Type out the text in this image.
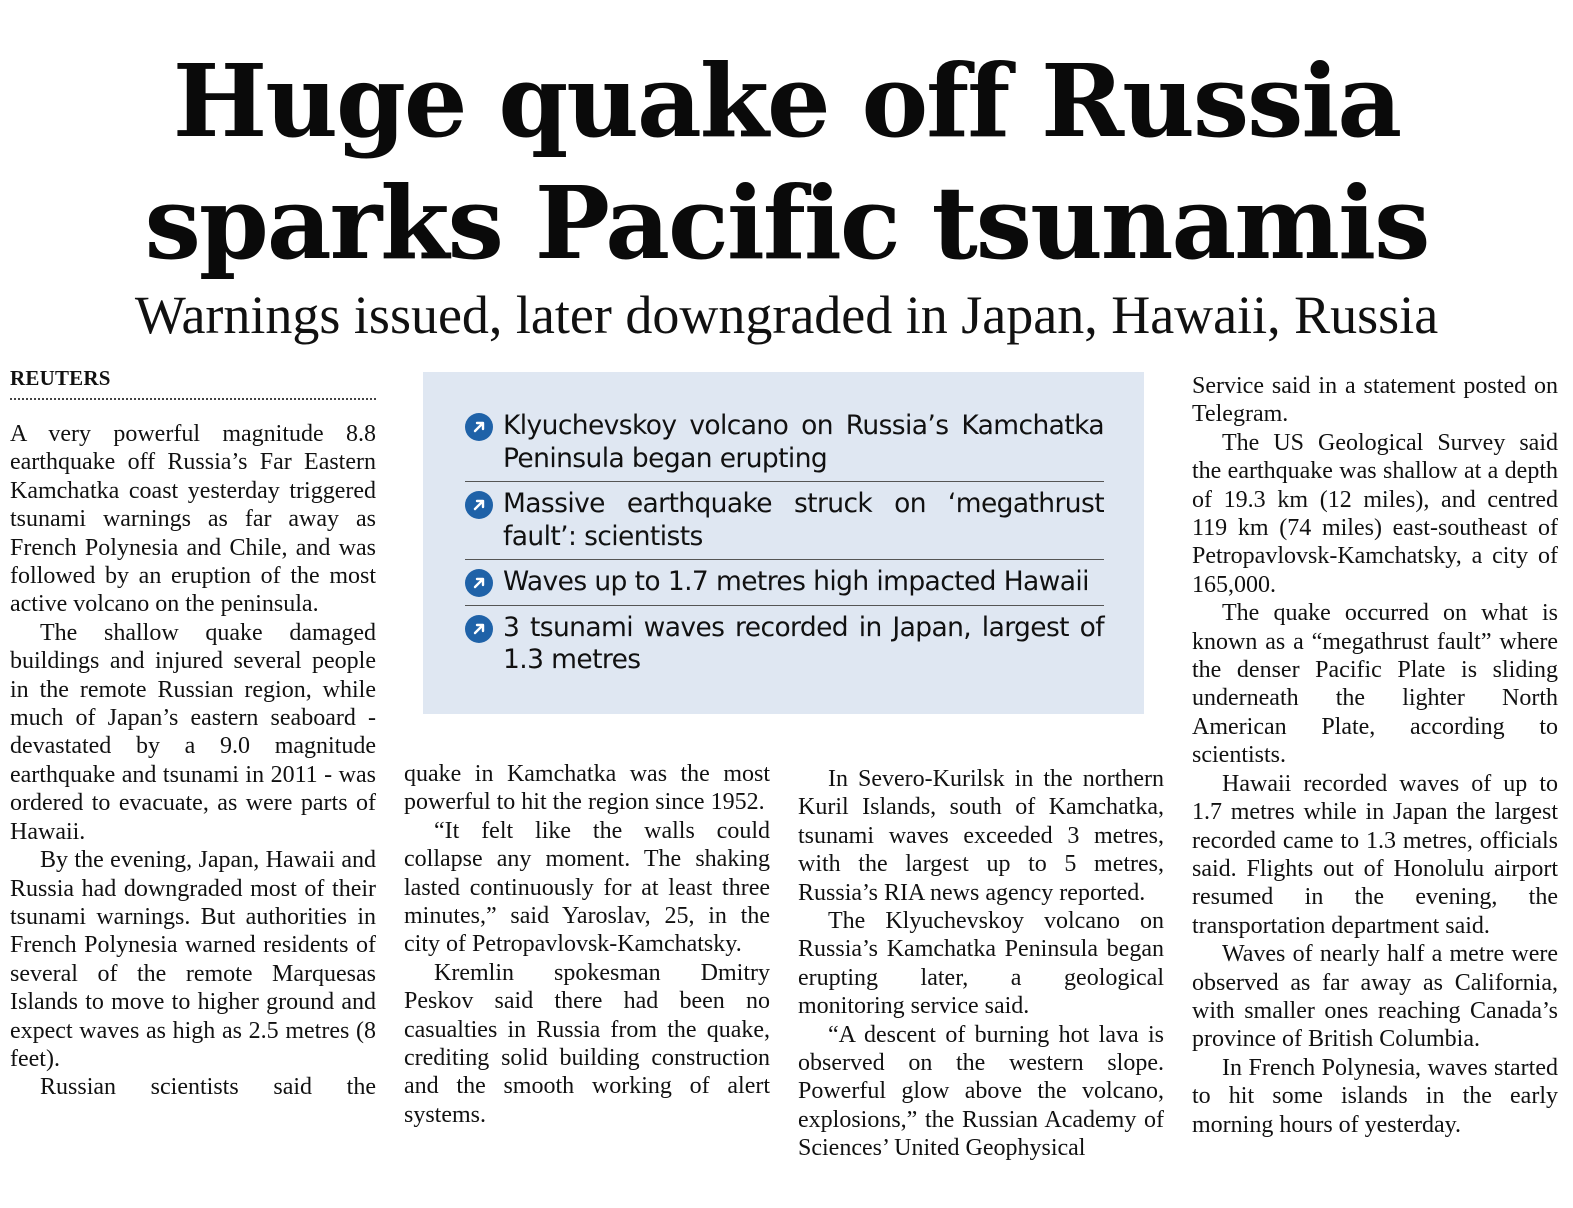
Huge quake off Russia
sparks Pacific tsunamis
Warnings issued, later downgraded in Japan, Hawaii, Russia
REUTERS

A very powerful magnitude 8.8 earthquake off Russia’s Far Eastern Kamchatka coast yesterday triggered tsunami warnings as far away as French Polynesia and Chile, and was followed by an eruption of the most active volcano on the peninsula.

The shallow quake damaged buildings and injured several people in the remote Russian region, while much of Japan’s eastern seaboard - devastated by a 9.0 magnitude earthquake and tsunami in 2011 - was ordered to evacuate, as were parts of Hawaii.

By the evening, Japan, Hawaii and Russia had downgraded most of their tsunami warnings. But authorities in French Polynesia warned residents of several of the remote Marquesas Islands to move to higher ground and expect waves as high as 2.5 metres (8 feet).

Russian scientists said the

Klyuchevskoy volcano on Russia’s Kamchatka Peninsula began erupting
Massive earthquake struck on ‘megathrust fault’: scientists
Waves up to 1.7 metres high impacted Hawaii
3 tsunami waves recorded in Japan, largest of 1.3 metres

quake in Kamchatka was the most powerful to hit the region since 1952.

“It felt like the walls could collapse any moment. The shaking lasted continuously for at least three minutes,” said Yaroslav, 25, in the city of Petropavlovsk-Kamchatsky.

Kremlin spokesman Dmitry Peskov said there had been no casualties in Russia from the quake, crediting solid building construction and the smooth working of alert systems.

In Severo-Kurilsk in the northern Kuril Islands, south of Kamchatka, tsunami waves exceeded 3 metres, with the largest up to 5 metres, Russia’s RIA news agency reported.

The Klyuchevskoy volcano on Russia’s Kamchatka Peninsula began erupting later, a geological monitoring service said.

“A descent of burning hot lava is observed on the western slope. Powerful glow above the volcano, explosions,” the Russian Academy of Sciences’ United Geophysical

Service said in a statement posted on Telegram.

The US Geological Survey said the earthquake was shallow at a depth of 19.3 km (12 miles), and centred 119 km (74 miles) east-southeast of Petropavlovsk-Kamchatsky, a city of 165,000.

The quake occurred on what is known as a “megathrust fault” where the denser Pacific Plate is sliding underneath the lighter North American Plate, according to scientists.

Hawaii recorded waves of up to 1.7 metres while in Japan the largest recorded came to 1.3 metres, officials said. Flights out of Honolulu airport resumed in the evening, the transportation department said.

Waves of nearly half a metre were observed as far away as California, with smaller ones reaching Canada’s province of British Columbia.

In French Polynesia, waves started to hit some islands in the early morning hours of yesterday.
